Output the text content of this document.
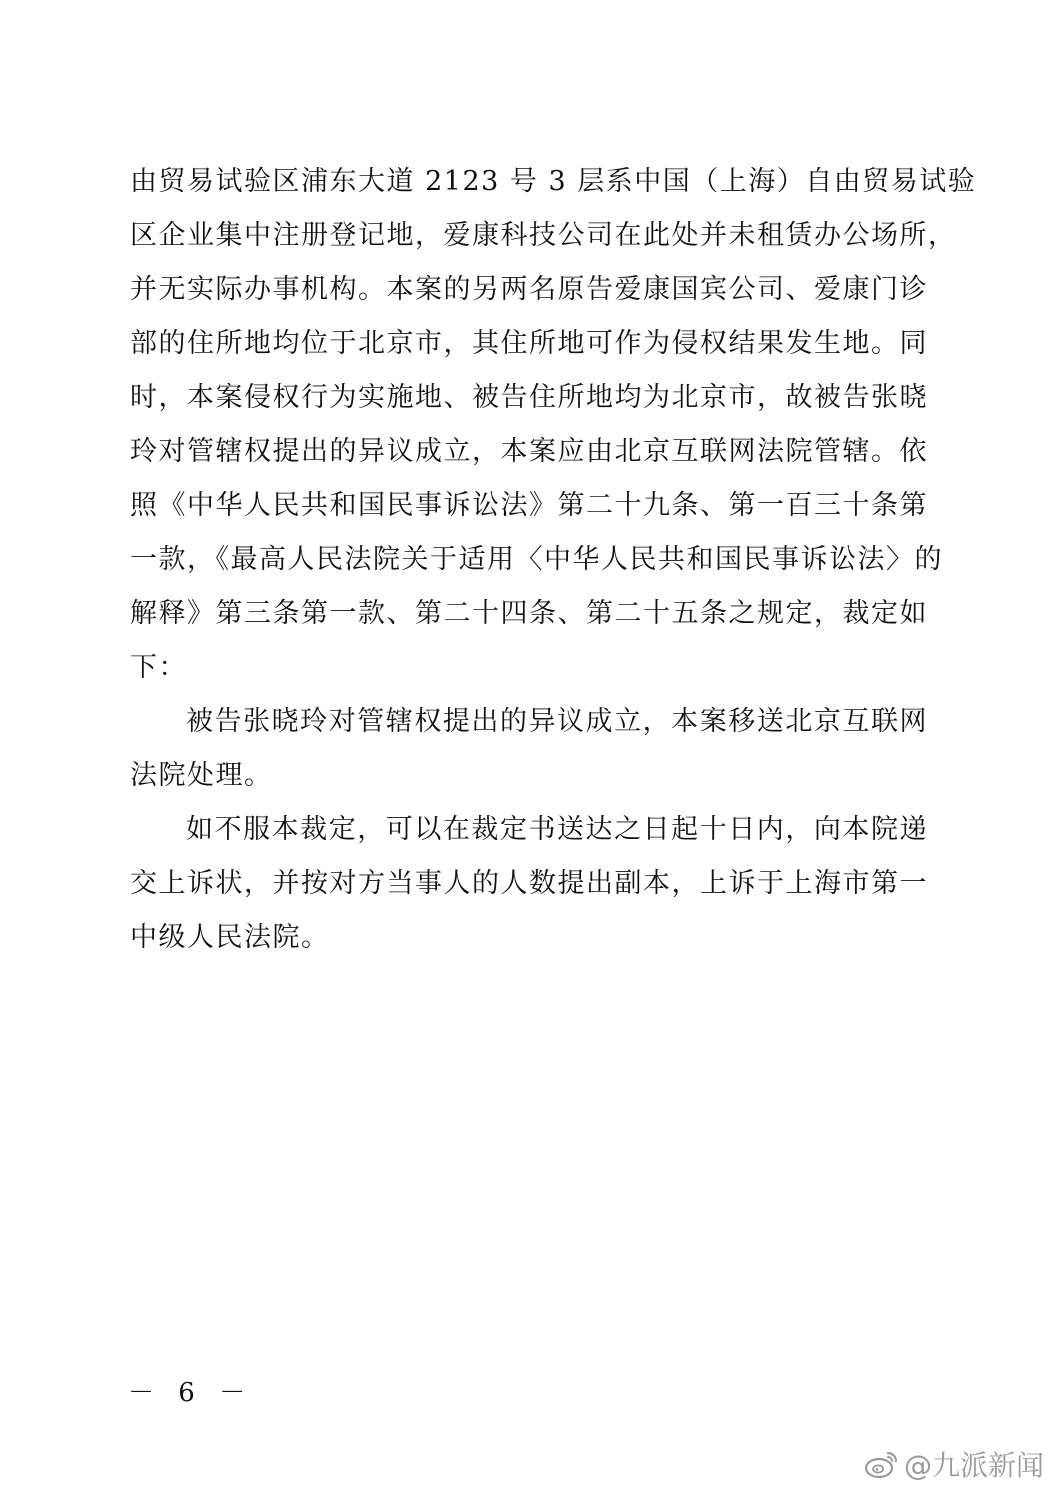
由贸易试验区浦东大道 2123 号 3 层系中国（上海）自由贸易试验
区企业集中注册登记地，爱康科技公司在此处并未租赁办公场所，
并无实际办事机构。本案的另两名原告爱康国宾公司、爱康门诊
部的住所地均位于北京市，其住所地可作为侵权结果发生地。同
时，本案侵权行为实施地、被告住所地均为北京市，故被告张晓
玲对管辖权提出的异议成立，本案应由北京互联网法院管辖。依
照《中华人民共和国民事诉讼法》第二十九条、第一百三十条第
一款，《最高人民法院关于适用〈中华人民共和国民事诉讼法〉的
解释》第三条第一款、第二十四条、第二十五条之规定，裁定如
下：
被告张晓玲对管辖权提出的异议成立，本案移送北京互联网
法院处理。
如不服本裁定，可以在裁定书送达之日起十日内，向本院递
交上诉状，并按对方当事人的人数提出副本，上诉于上海市第一
中级人民法院。
－ 6 －
@九派新闻
